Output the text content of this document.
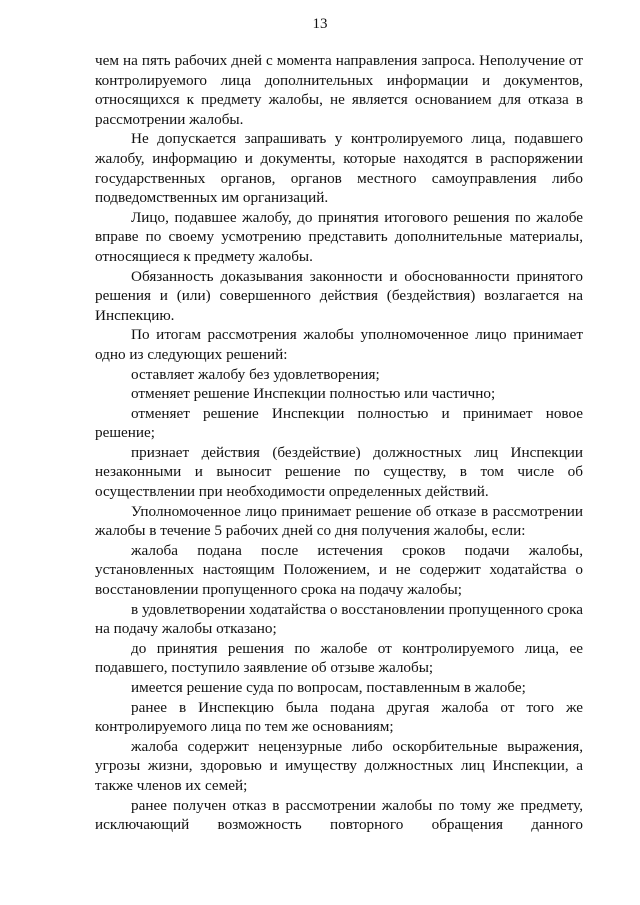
13

чем на пять рабочих дней с момента направления запроса. Неполучение от контролируемого лица дополнительных информации и документов, относящихся к предмету жалобы, не является основанием для отказа в рассмотрении жалобы.

Не допускается запрашивать у контролируемого лица, подавшего жалобу, информацию и документы, которые находятся в распоряжении государственных органов, органов местного самоуправления либо подведомственных им организаций.

Лицо, подавшее жалобу, до принятия итогового решения по жалобе вправе по своему усмотрению представить дополнительные материалы, относящиеся к предмету жалобы.

Обязанность доказывания законности и обоснованности принятого решения и (или) совершенного действия (бездействия) возлагается на Инспекцию.

По итогам рассмотрения жалобы уполномоченное лицо принимает одно из следующих решений:

оставляет жалобу без удовлетворения;

отменяет решение Инспекции полностью или частично;

отменяет решение Инспекции полностью и принимает новое решение;

признает действия (бездействие) должностных лиц Инспекции незаконными и выносит решение по существу, в том числе об осуществлении при необходимости определенных действий.

Уполномоченное лицо принимает решение об отказе в рассмотрении жалобы в течение 5 рабочих дней со дня получения жалобы, если:

жалоба подана после истечения сроков подачи жалобы, установленных настоящим Положением, и не содержит ходатайства о восстановлении пропущенного срока на подачу жалобы;

в удовлетворении ходатайства о восстановлении пропущенного срока на подачу жалобы отказано;

до принятия решения по жалобе от контролируемого лица, ее подавшего, поступило заявление об отзыве жалобы;

имеется решение суда по вопросам, поставленным в жалобе;

ранее в Инспекцию была подана другая жалоба от того же контролируемого лица по тем же основаниям;

жалоба содержит нецензурные либо оскорбительные выражения, угрозы жизни, здоровью и имуществу должностных лиц Инспекции, а также членов их семей;

ранее получен отказ в рассмотрении жалобы по тому же предмету, исключающий возможность повторного обращения данного
